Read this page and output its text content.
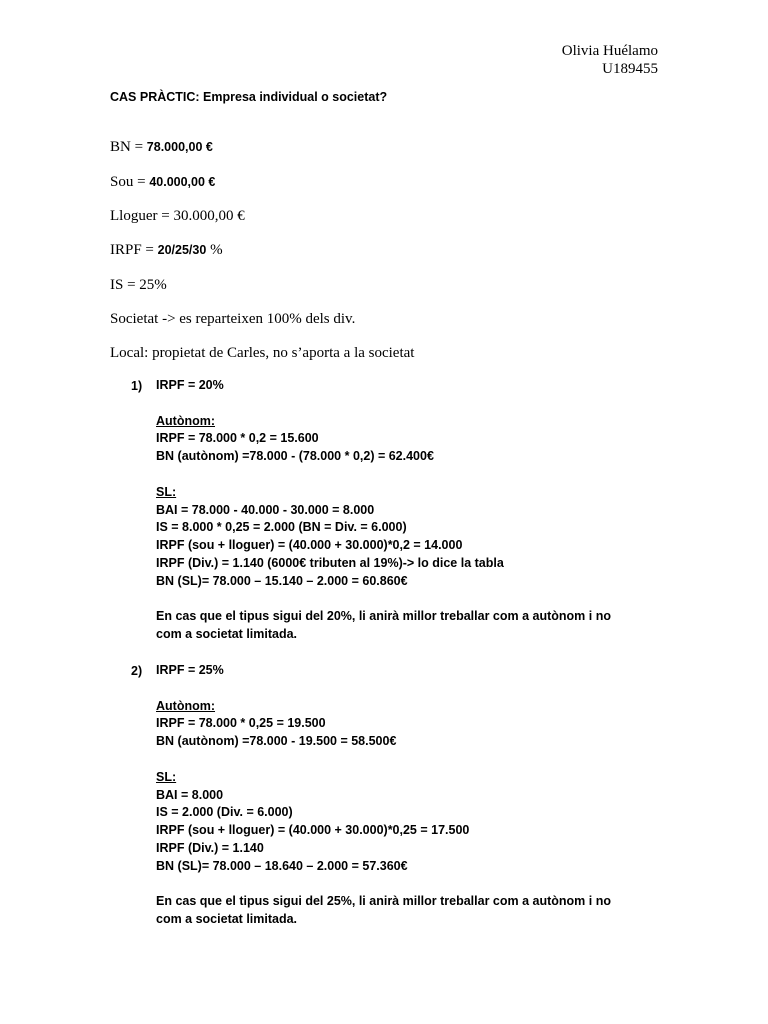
Olivia Huélamo
U189455
CAS PRÀCTIC: Empresa individual o societat?
BN = 78.000,00 €
Sou = 40.000,00 €
Lloguer = 30.000,00 €
IRPF = 20/25/30 %
IS = 25%
Societat -> es reparteixen 100% dels div.
Local: propietat de Carles, no s’aporta a la societat
1) IRPF = 20%
Autònom:
IRPF = 78.000 * 0,2 = 15.600
BN (autònom) =78.000 - (78.000 * 0,2) = 62.400€
SL:
BAI = 78.000 - 40.000 - 30.000 = 8.000
IS = 8.000 * 0,25 = 2.000 (BN = Div. = 6.000)
IRPF (sou + lloguer) = (40.000 + 30.000)*0,2 = 14.000
IRPF (Div.) = 1.140 (6000€ tributen al 19%)-> lo dice la tabla
BN (SL)= 78.000 – 15.140 – 2.000 = 60.860€
En cas que el tipus sigui del 20%, li anirà millor treballar com a autònom i no
com a societat limitada.
2) IRPF = 25%
Autònom:
IRPF = 78.000 * 0,25 = 19.500
BN (autònom) =78.000 - 19.500 = 58.500€
SL:
BAI = 8.000
IS = 2.000 (Div. = 6.000)
IRPF (sou + lloguer) = (40.000 + 30.000)*0,25 = 17.500
IRPF (Div.) = 1.140
BN (SL)= 78.000 – 18.640 – 2.000 = 57.360€
En cas que el tipus sigui del 25%, li anirà millor treballar com a autònom i no
com a societat limitada.
